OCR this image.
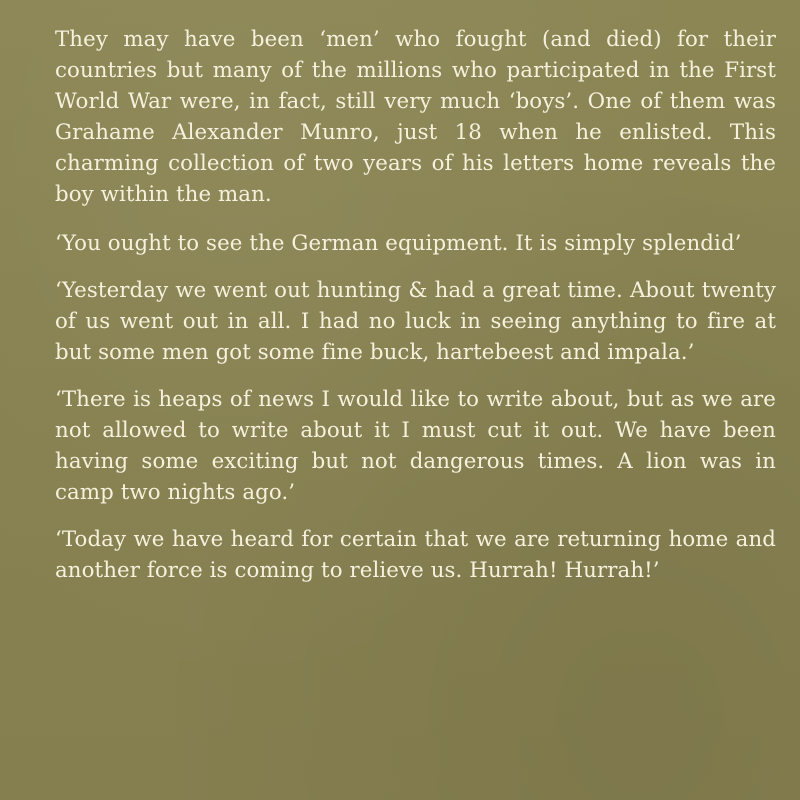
They may have been ‘men’ who fought (and died) for their countries but many of the millions who participated in the First World War were, in fact, still very much ‘boys’. One of them was Grahame Alexander Munro, just 18 when he enlisted. This charming collection of two years of his letters home reveals the boy within the man.

‘You ought to see the German equipment. It is simply splendid’

‘Yesterday we went out hunting & had a great time. About twenty of us went out in all. I had no luck in seeing anything to fire at but some men got some fine buck, hartebeest and impala.’

‘There is heaps of news I would like to write about, but as we are not allowed to write about it I must cut it out. We have been having some exciting but not dangerous times. A lion was in camp two nights ago.’

‘Today we have heard for certain that we are returning home and another force is coming to relieve us. Hurrah! Hurrah!’
